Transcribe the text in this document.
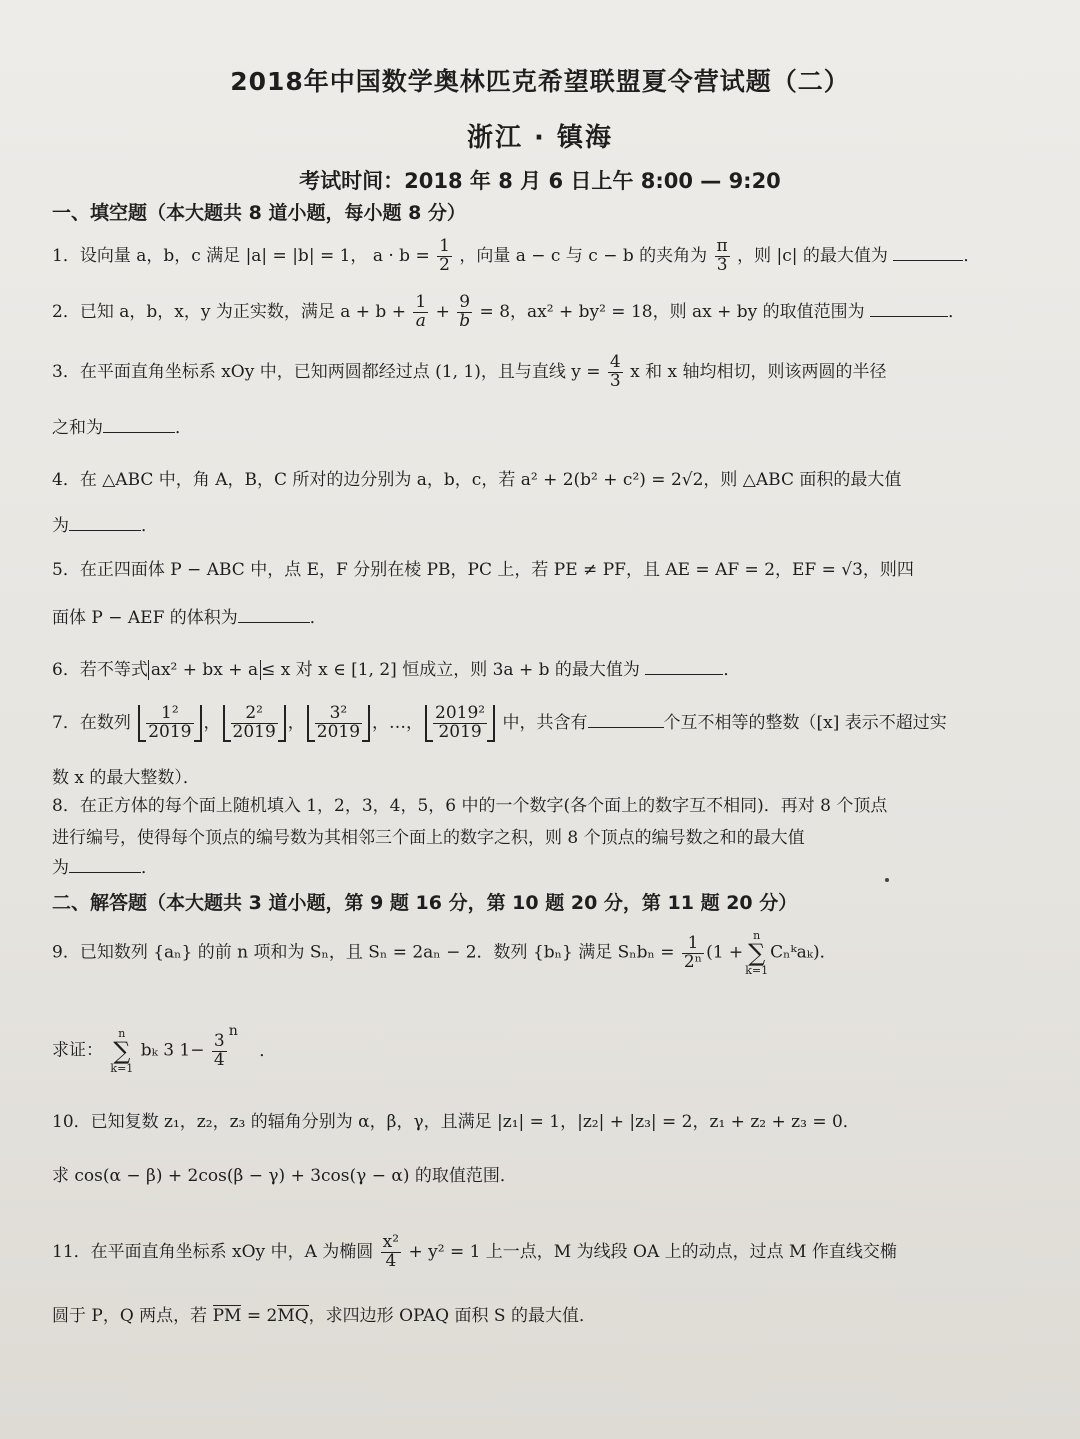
2018年中国数学奥林匹克希望联盟夏令营试题（二）
浙江 · 镇海
考试时间：2018 年 8 月 6 日上午 8:00 — 9:20
一、填空题（本大题共 8 道小题，每小题 8 分）
1．设向量 a，b，c 满足 |a| = |b| = 1， $a \cdot b = \frac{1}{2}$ ，向量 a − c 与 c − b 的夹角为 $\frac{\pi}{3}$ ，则 |c| 的最大值为	．
2．已知 a，b，x，y 为正实数，满足 $a + b + \frac{1}{a} + \frac{9}{b} = 8$，ax² + by² = 18，则 ax + by 的取值范围为	．
3．在平面直角坐标系 xOy 中，已知两圆都经过点 (1, 1)，且与直线 $y = \frac{4}{3}$ x 和 x 轴均相切，则该两圆的半径
之和为	．
4．在 △ABC 中，角 A，B，C 所对的边分别为 a，b，c，若 a² + 2(b² + c²) = 2√2，则 △ABC 面积的最大值
为	．
5．在正四面体 P − ABC 中，点 E，F 分别在棱 PB，PC 上，若 PE ≠ PF，且 AE = AF = 2，EF = √3，则四
面体 P − AEF 的体积为	．
6．若不等式 ax² + bx + a ≤ x 对 x ∈ [1, 2] 恒成立，则 3a + b 的最大值为	．
7．在数列 $\frac{\text{1²}}{2019}$ ， $\frac{\text{2²}}{2019}$ ， $\frac{\text{3²}}{2019}$ ，…， $\frac{\text{2019²}}{2019}$ 中，共含有	个互不相等的整数（[x] 表示不超过实
数 x 的最大整数）．
8．在正方体的每个面上随机填入 1，2，3，4，5，6 中的一个数字(各个面上的数字互不相同)．再对 8 个顶点
进行编号，使得每个顶点的编号数为其相邻三个面上的数字之积，则 8 个顶点的编号数之和的最大值
为	．
二、解答题（本大题共 3 道小题，第 9 题 16 分，第 10 题 20 分，第 11 题 20 分）
9．已知数列 {aₙ} 的前 n 项和为 Sₙ，且 Sₙ = 2aₙ − 2．数列 {bₙ} 满足 $S_nb_n = \frac{1}{\text{2ⁿ}} (1$ +
n
∑
k=1
Cₙᵏaₖ)．
求证：
n
∑
k=1
bₖ 3 $1- \frac{3}{4}$
$^n$ ．
10．已知复数 z₁，z₂，z₃ 的辐角分别为 α，β，γ，且满足 |z₁| = 1，|z₂| + |z₃| = 2，z₁ + z₂ + z₃ = 0．
求 cos(α − β) + 2cos(β − γ) + 3cos(γ − α) 的取值范围．
11．在平面直角坐标系 xOy 中，A 为椭圆 $\frac{\text{x²}}{4} + y^2 = 1$ 上一点，M 为线段 OA 上的动点，过点 M 作直线交椭
圆于 P，Q 两点，若 PM = 2MQ，求四边形 OPAQ 面积 S 的最大值．
